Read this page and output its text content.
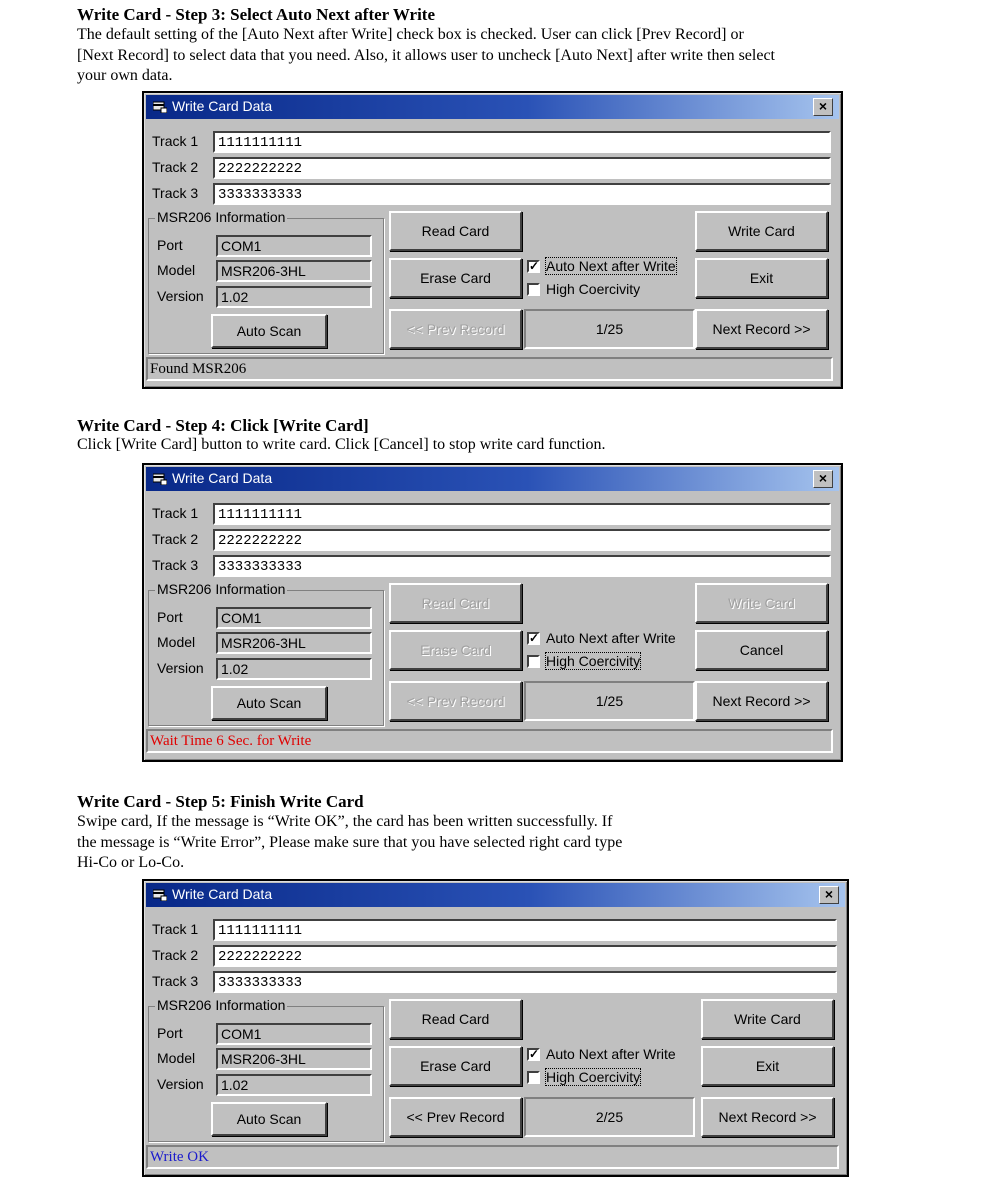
Write Card - Step 3: Select Auto Next after Write
The default setting of the [Auto Next after Write] check box is checked. User can click [Prev Record] or
[Next Record] to select data that you need. Also, it allows user to uncheck [Auto Next] after write then select
your own data.
Write Card Data	×
Track 1	1111111111
Track 2	2222222222
Track 3	3333333333
MSR206 Information
Port	COM1
Model	MSR206-3HL
Version	1.02
Auto Scan
Read Card
Erase Card
<< Prev Record
✓ Auto Next after Write
High Coercivity
1/25
Write Card
Exit
Next Record >>
Found MSR206
Write Card - Step 4: Click [Write Card]
Click [Write Card] button to write card. Click [Cancel] to stop write card function.
Write Card Data	×
Track 1	1111111111
Track 2	2222222222
Track 3	3333333333
MSR206 Information
Port	COM1
Model	MSR206-3HL
Version	1.02
Auto Scan
Read Card
Erase Card
<< Prev Record
✓ Auto Next after Write
High Coercivity
1/25
Write Card
Cancel
Next Record >>
Wait Time 6 Sec. for Write
Write Card - Step 5: Finish Write Card
Swipe card, If the message is “Write OK”, the card has been written successfully. If
the message is “Write Error”, Please make sure that you have selected right card type
Hi-Co or Lo-Co.
Write Card Data	×
Track 1	1111111111
Track 2	2222222222
Track 3	3333333333
MSR206 Information
Port	COM1
Model	MSR206-3HL
Version	1.02
Auto Scan
Read Card
Erase Card
<< Prev Record
✓ Auto Next after Write
High Coercivity
2/25
Write Card
Exit
Next Record >>
Write OK
